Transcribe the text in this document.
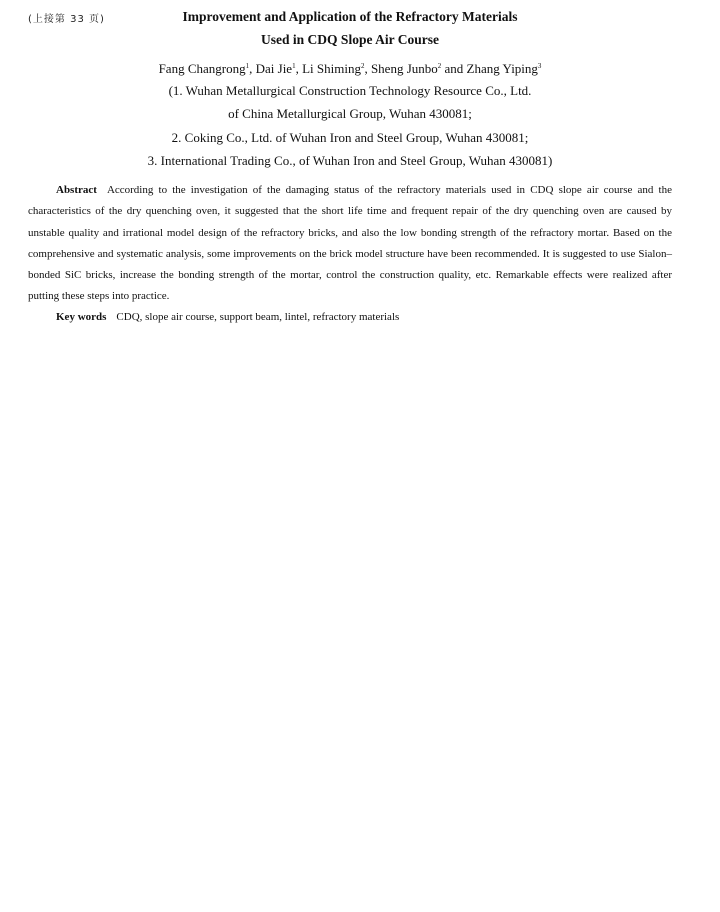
(上接第 33 页)	Improvement and Application of the Refractory Materials
Used in CDQ Slope Air Course
Fang Changrong$^1$, Dai Jie$^1$, Li Shiming$^2$, Sheng Junbo$^2$ and Zhang Yiping$^3$
(1. Wuhan Metallurgical Construction Technology Resource Co., Ltd.
of China Metallurgical Group, Wuhan 430081;
2. Coking Co., Ltd. of Wuhan Iron and Steel Group, Wuhan 430081;
3. International Trading Co., of Wuhan Iron and Steel Group, Wuhan 430081)
Abstract According to the investigation of the damaging status of the refractory materials used in CDQ slope air course and the characteristics of the dry quenching oven, it suggested that the short life time and frequent repair of the dry quenching oven are caused by unstable quality and irrational model design of the refractory bricks, and also the low bonding strength of the refractory mortar. Based on the comprehensive and systematic analysis, some improvements on the brick model structure have been recommended. It is suggested to use Sialon–bonded SiC bricks, increase the bonding strength of the mortar, control the construction quality, etc. Remarkable effects were realized after putting these steps into practice.
Key words CDQ, slope air course, support beam, lintel, refractory materials
